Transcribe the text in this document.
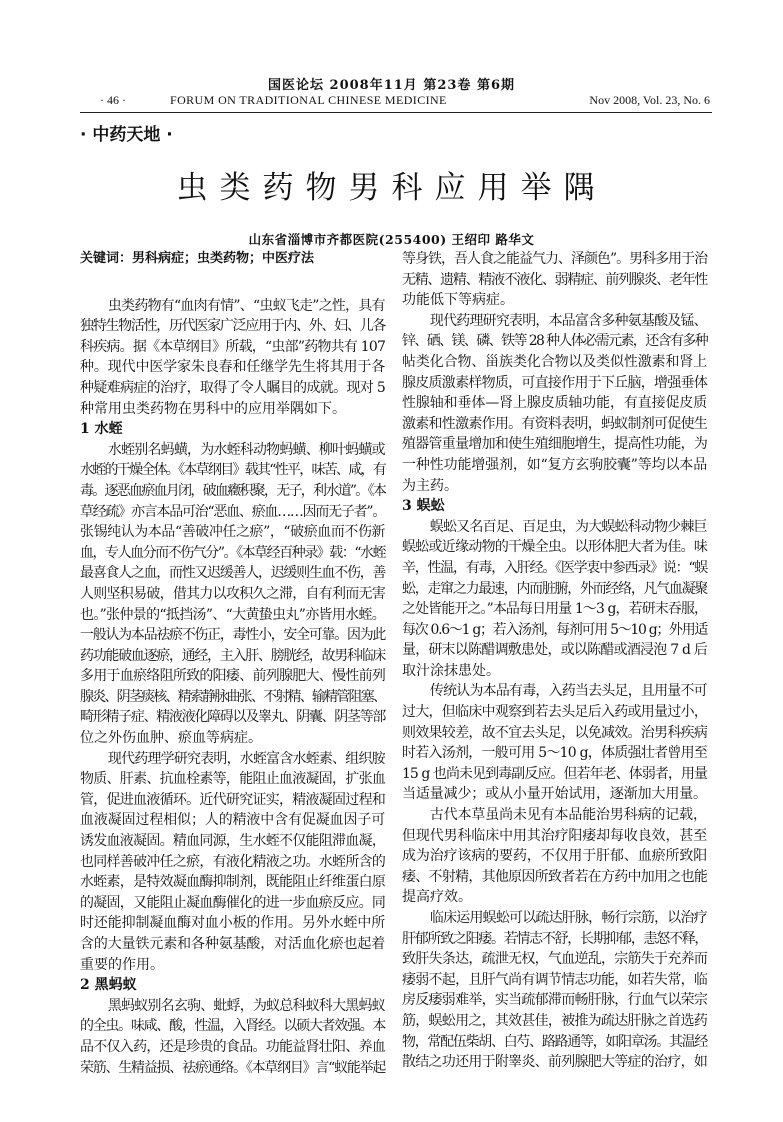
国医论坛 2008年11月 第23卷 第6期
· 46 ·	FORUM ON TRADITIONAL CHINESE MEDICINE	Nov 2008, Vol. 23, No. 6
· 中药天地 ·
虫类药物男科应用举隅
山东省淄博市齐都医院(255400) 王绍印 路华文
关键词：男科病症；虫类药物；中医疗法
虫类药物有“血肉有情”、“虫蚁飞走”之性，具有
独特生物活性，历代医家广泛应用于内、外、妇、儿各
科疾病。据《本草纲目》所载，“虫部”药物共有 107
种。现代中医学家朱良春和任继学先生将其用于各
种疑难病症的治疗，取得了令人瞩目的成就。现对 5
种常用虫类药物在男科中的应用举隅如下。
1 水蛭
水蛭别名蚂蟥，为水蛭科动物蚂蟥、柳叶蚂蟥或
水蛭的干燥全体。《本草纲目》载其“性平，味苦、咸，有
毒。逐恶血瘀血月闭，破血癥积聚，无子，利水道”。《本
草经疏》亦言本品可治“恶血、瘀血……因而无子者”。
张锡纯认为本品“善破冲任之瘀”，“破瘀血而不伤新
血，专人血分而不伤气分”。《本草经百种录》载：“水蛭
最喜食人之血，而性又迟缓善人，迟缓则生血不伤，善
人则坚积易破，借其力以攻积久之滞，自有利而无害
也。”张仲景的“抵挡汤”、“大黄蛰虫丸”亦皆用水蛭。
一般认为本品祛瘀不伤正，毒性小，安全可靠。因为此
药功能破血逐瘀，通经，主入肝、膀胱经，故男科临床
多用于血瘀络阻所致的阳痿、前列腺肥大、慢性前列
腺炎、阴茎痰核、精索静脉曲张、不射精、输精管阻塞、
畸形精子症、精液液化障碍以及睾丸、阴囊、阴茎等部
位之外伤血肿、瘀血等病症。
现代药理学研究表明，水蛭富含水蛭素、组织胺
物质、肝素、抗血栓素等，能阻止血液凝固，扩张血
管，促进血液循环。近代研究证实，精液凝固过程和
血液凝固过程相似；人的精液中含有促凝血因子可
诱发血液凝固。精血同源，生水蛭不仅能阻滞血凝，
也同样善破冲任之瘀，有液化精液之功。水蛭所含的
水蛭素，是特效凝血酶抑制剂，既能阻止纤维蛋白原
的凝固，又能阻止凝血酶催化的进一步血瘀反应。同
时还能抑制凝血酶对血小板的作用。另外水蛭中所
含的大量铁元素和各种氨基酸，对活血化瘀也起着
重要的作用。
2 黑蚂蚁
黑蚂蚁别名玄驹、蚍蜉，为蚁总科蚁科大黑蚂蚁
的全虫。味咸、酸，性温，入肾经。以硕大者效强。本
品不仅入药，还是珍贵的食品。功能益肾壮阳、养血
荣筋、生精益损、祛瘀通络。《本草纲目》言“蚁能举起
等身铁，吾人食之能益气力、泽颜色”。男科多用于治
无精、遗精、精液不液化、弱精症、前列腺炎、老年性
功能低下等病症。
现代药理研究表明，本品富含多种氨基酸及锰、
锌、硒、镁、磷、铁等 28 种人体必需元素，还含有多种
帖类化合物、甾族类化合物以及类似性激素和肾上
腺皮质激素样物质，可直接作用于下丘脑，增强垂体
性腺轴和垂体—肾上腺皮质轴功能，有直接促皮质
激素和性激素作用。有资料表明，蚂蚁制剂可促使生
殖器管重量增加和使生殖细胞增生，提高性功能，为
一种性功能增强剂，如“复方玄驹胶囊”等均以本品
为主药。
3 蜈蚣
蜈蚣又名百足、百足虫，为大蜈蚣科动物少棘巨
蜈蚣或近缘动物的干燥全虫。以形体肥大者为佳。味
辛，性温，有毒，入肝经。《医学衷中参西录》说：“蜈
蚣，走窜之力最速，内而脏腑，外而经络，凡气血凝聚
之处皆能开之。”本品每日用量 1～3 g，若研末吞服，
每次 0.6～1 g；若入汤剂，每剂可用 5～10 g；外用适
量，研末以陈醋调敷患处，或以陈醋或酒浸泡 7 d 后
取汁涂抹患处。
传统认为本品有毒，入药当去头足，且用量不可
过大，但临床中观察到若去头足后入药或用量过小，
则效果较差，故不宜去头足，以免减效。治男科疾病
时若入汤剂，一般可用 5～10 g，体质强壮者曾用至
15 g 也尚未见到毒副反应。但若年老、体弱者，用量
当适量减少；或从小量开始试用，逐渐加大用量。
古代本草虽尚未见有本品能治男科病的记载，
但现代男科临床中用其治疗阳痿却每收良效，甚至
成为治疗该病的要药，不仅用于肝郁、血瘀所致阳
痿、不射精，其他原因所致者若在方药中加用之也能
提高疗效。
临床运用蜈蚣可以疏达肝脉，畅行宗筋，以治疗
肝郁所致之阳痿。若情志不舒，长期抑郁，恚怒不释，
致肝失条达，疏泄无权，气血逆乱，宗筋失于充养而
痿弱不起，且肝气尚有调节情志功能，如若失常，临
房反痿弱难举，实当疏郁滞而畅肝脉，行血气以荣宗
筋，蜈蚣用之，其效甚佳，被推为疏达肝脉之首选药
物，常配伍柴胡、白芍、路路通等，如阳章汤。其温经
散结之功还用于附睾炎、前列腺肥大等症的治疗，如
